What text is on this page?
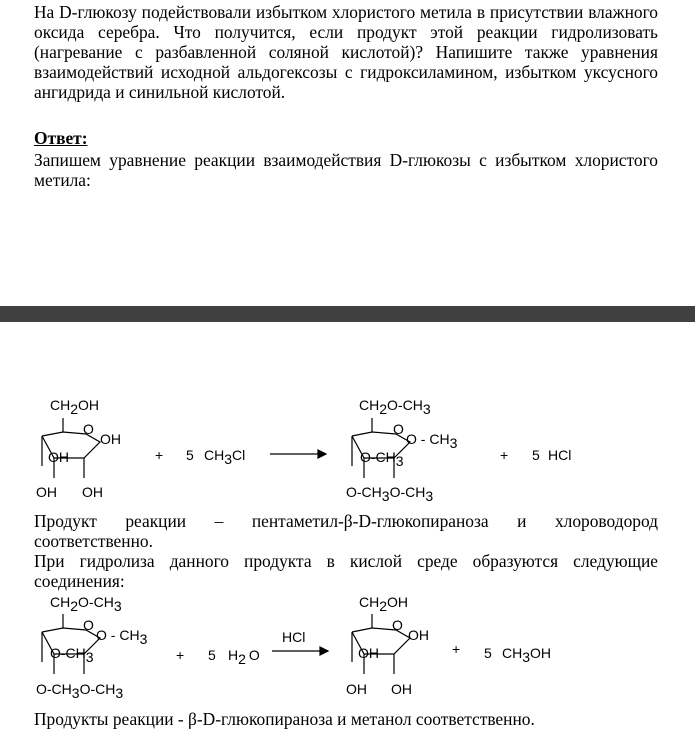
На D-глюкозу подействовали избытком хлористого метила в присутствии влажного оксида серебра. Что получится, если продукт этой реакции гидролизовать (нагревание с разбавленной соляной кислотой)? Напишите также уравнения взаимодействий исходной альдогексозы с гидроксиламином, избытком уксусного ангидрида и синильной кислотой.
Ответ:
Запишем уравнение реакции взаимодействия D-глюкозы с избытком хлористого метила:
CH2OH
O
OH
OH
OH OH
+ 5 CH3Cl
CH2O-CH3
O
O - CH3
O-CH3
O-CH3O-CH3
+ 5 HCl
Продукт реакции – пентаметил-β-D-глюкопираноза и хлороводород соответственно.
При гидролиза данного продукта в кислой среде образуются следующие соединения:
CH2O-CH3
O
O - CH3
O-CH3
O-CH3O-CH3
+ 5 H2 O
HCl
CH2OH
O
OH
OH
OH OH
+ 5 CH3OH
Продукты реакции - β-D-глюкопираноза и метанол соответственно.
